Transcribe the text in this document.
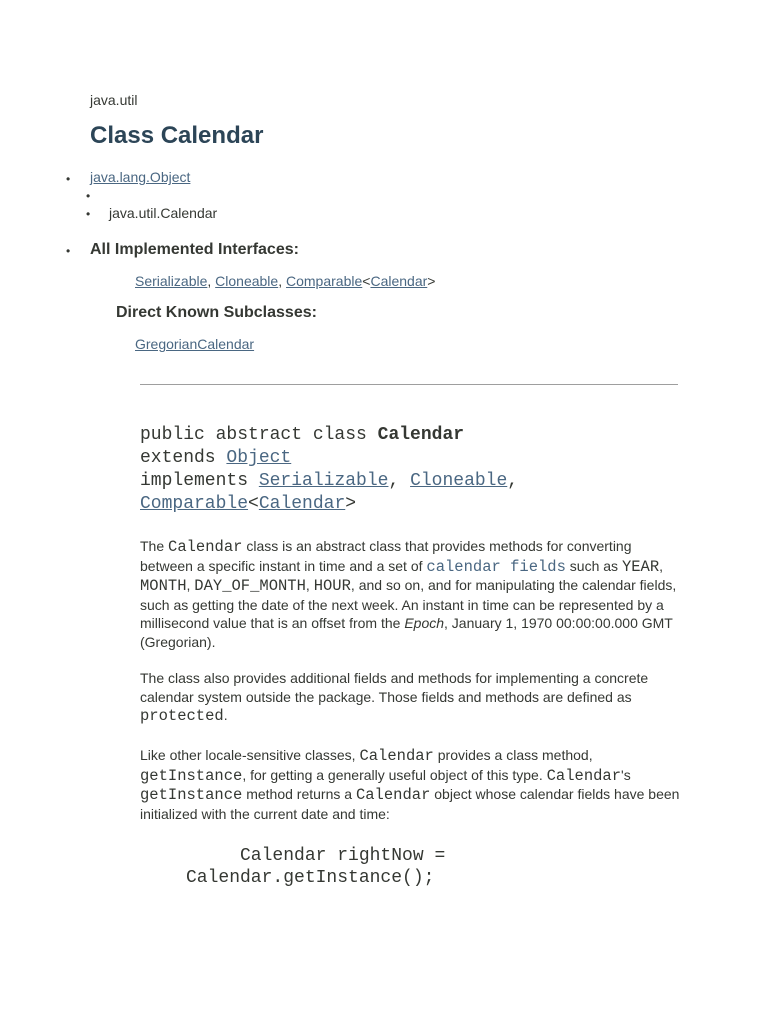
java.util
Class Calendar
• java.lang.Object
•
• java.util.Calendar
• All Implemented Interfaces:
Serializable, Cloneable, Comparable<Calendar>
Direct Known Subclasses:
GregorianCalendar
public abstract class Calendar
extends Object
implements Serializable, Cloneable,
Comparable<Calendar>
The Calendar class is an abstract class that provides methods for converting between a specific instant in time and a set of calendar fields such as YEAR, MONTH, DAY_OF_MONTH, HOUR, and so on, and for manipulating the calendar fields, such as getting the date of the next week. An instant in time can be represented by a millisecond value that is an offset from the Epoch, January 1, 1970 00:00:00.000 GMT (Gregorian).
The class also provides additional fields and methods for implementing a concrete calendar system outside the package. Those fields and methods are defined as protected.
Like other locale-sensitive classes, Calendar provides a class method, getInstance, for getting a generally useful object of this type. Calendar's getInstance method returns a Calendar object whose calendar fields have been initialized with the current date and time:
Calendar rightNow =
Calendar.getInstance();
